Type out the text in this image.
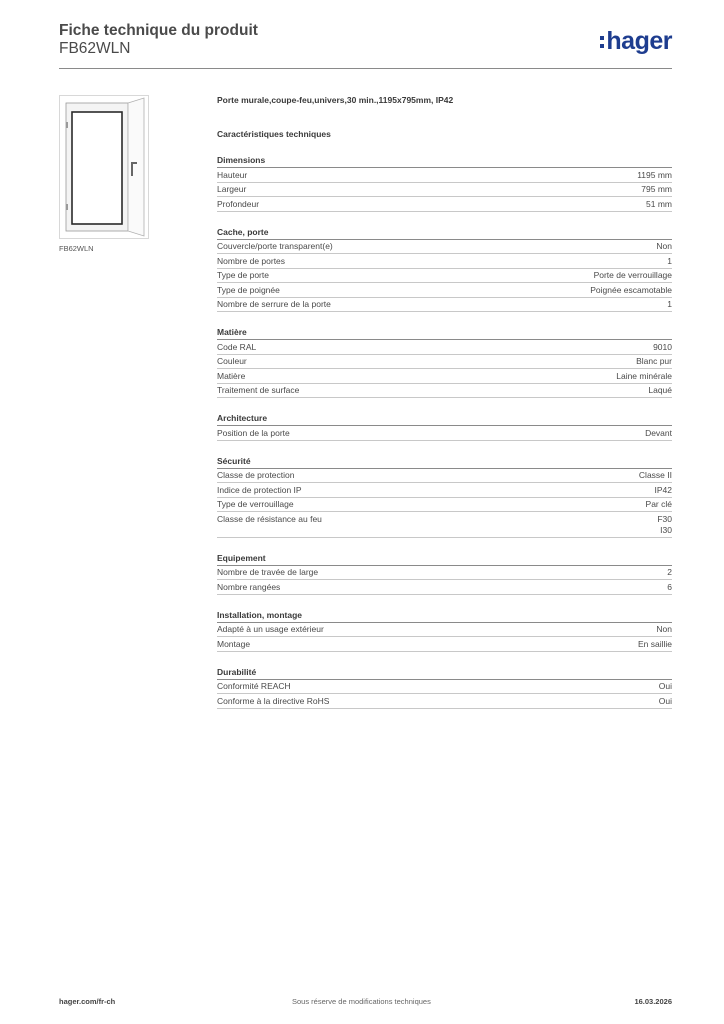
Fiche technique du produit
FB62WLN	hager
FB62WLN
Porte murale,coupe-feu,univers,30 min.,1195x795mm, IP42
Caractéristiques techniques
Dimensions
Hauteur	1195 mm
Largeur	795 mm
Profondeur	51 mm
Cache, porte
Couvercle/porte transparent(e)	Non
Nombre de portes	1
Type de porte	Porte de verrouillage
Type de poignée	Poignée escamotable
Nombre de serrure de la porte	1
Matière
Code RAL	9010
Couleur	Blanc pur
Matière	Laine minérale
Traitement de surface	Laqué
Architecture
Position de la porte	Devant
Sécurité
Classe de protection	Classe II
Indice de protection IP	IP42
Type de verrouillage	Par clé
Classe de résistance au feu	F30
I30
Equipement
Nombre de travée de large	2
Nombre rangées	6
Installation, montage
Adapté à un usage extérieur	Non
Montage	En saillie
Durabilité
Conformité REACH	Oui
Conforme à la directive RoHS	Oui
hager.com/fr-ch	Sous réserve de modifications techniques	16.03.2026
